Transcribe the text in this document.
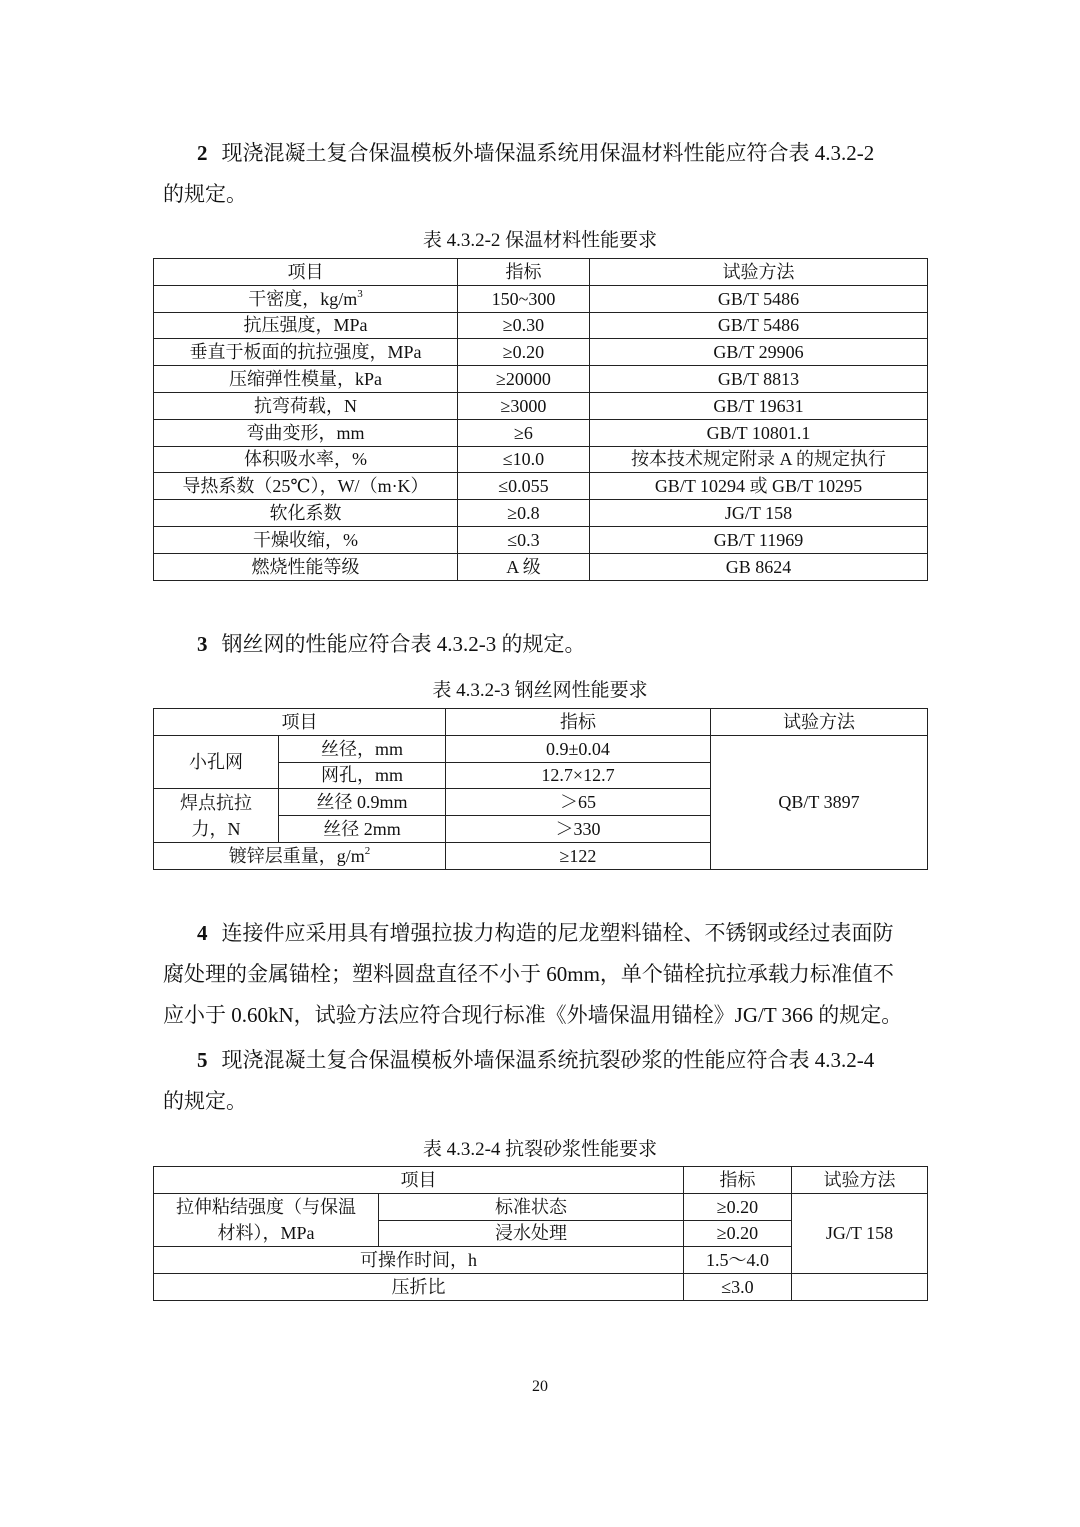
2 现浇混凝土复合保温模板外墙保温系统用保温材料性能应符合表 4.3.2-2
的规定。
表 4.3.2-2 保温材料性能要求
项目	指标	试验方法
干密度，$kg/m^3$	150~300	GB/T 5486
抗压强度，MPa	≥0.30	GB/T 5486
垂直于板面的抗拉强度，MPa	≥0.20	GB/T 29906
压缩弹性模量，kPa	≥20000	GB/T 8813
抗弯荷载，N	≥3000	GB/T 19631
弯曲变形，mm	≥6	GB/T 10801.1
体积吸水率，%	≤10.0	按本技术规定附录 A 的规定执行
导热系数（25℃），W/（m·K）	≤0.055	GB/T 10294 或 GB/T 10295
软化系数	≥0.8	JG/T 158
干燥收缩，%	≤0.3	GB/T 11969
燃烧性能等级	A 级	GB 8624
3 钢丝网的性能应符合表 4.3.2-3 的规定。
表 4.3.2-3 钢丝网性能要求
项目		指标	试验方法
小孔网	丝径，mm	0.9±0.04	QB/T 3897
	网孔，mm	12.7×12.7	

焊点抗拉
力，N	丝径 0.9mm	＞65	
	丝径 2mm	＞330	
镀锌层重量，$g/m^2$		≥122	
4 连接件应采用具有增强拉拔力构造的尼龙塑料锚栓、不锈钢或经过表面防
腐处理的金属锚栓；塑料圆盘直径不小于 60mm，单个锚栓抗拉承载力标准值不
应小于 0.60kN，试验方法应符合现行标准《外墙保温用锚栓》JG/T 366 的规定。
5 现浇混凝土复合保温模板外墙保温系统抗裂砂浆的性能应符合表 4.3.2-4
的规定。
表 4.3.2-4 抗裂砂浆性能要求
项目		指标	试验方法

拉伸粘结强度（与保温
材料），MPa	标准状态	≥0.20	JG/T 158
	浸水处理	≥0.20	
可操作时间，h		1.5～4.0	
压折比		≤3.0	
20
